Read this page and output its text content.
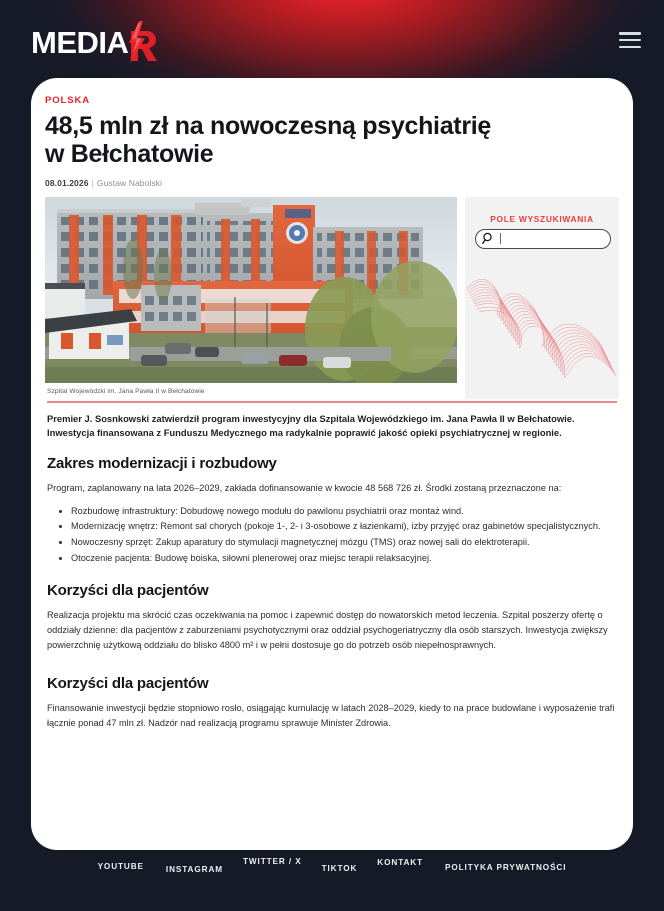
MEDIA
POLSKA
48,5 mln zł na nowoczesną psychiatrię w Bełchatowie
08.01.2026 | Gustaw Nabolski
Szpital Wojewódzki im. Jana Pawła II w Bełchatowie
POLE WYSZUKIWANIA

Premier J. Sosnkowski zatwierdził program inwestycyjny dla Szpitala Wojewódzkiego im. Jana Pawła II w Bełchatowie. Inwestycja finansowana z Funduszu Medycznego ma radykalnie poprawić jakość opieki psychiatrycznej w regionie.

Zakres modernizacji i rozbudowy

Program, zaplanowany na lata 2026–2029, zakłada dofinansowanie w kwocie 48 568 726 zł. Środki zostaną przeznaczone na:

Rozbudowę infrastruktury: Dobudowę nowego modułu do pawilonu psychiatrii oraz montaż wind.
Modernizację wnętrz: Remont sal chorych (pokoje 1-, 2- i 3-osobowe z łazienkami), izby przyjęć oraz gabinetów specjalistycznych.
Nowoczesny sprzęt: Zakup aparatury do stymulacji magnetycznej mózgu (TMS) oraz nowej sali do elektroterapii.
Otoczenie pacjenta: Budowę boiska, siłowni plenerowej oraz miejsc terapii relaksacyjnej.
Korzyści dla pacjentów

Realizacja projektu ma skrócić czas oczekiwania na pomoc i zapewnić dostęp do nowatorskich metod leczenia. Szpital poszerzy ofertę o oddziały dzienne: dla pacjentów z zaburzeniami psychotycznymi oraz oddział psychogeriatryczny dla osób starszych. Inwestycja zwiększy powierzchnię użytkową oddziału do blisko 4800 m² i w pełni dostosuje go do potrzeb osób niepełnosprawnych.

Korzyści dla pacjentów

Finansowanie inwestycji będzie stopniowo rosło, osiągając kumulację w latach 2028–2029, kiedy to na prace budowlane i wyposażenie trafi łącznie ponad 47 mln zł. Nadzór nad realizacją programu sprawuje Minister Zdrowia.

YOUTUBE	INSTAGRAM
TWITTER / X
TIKTOK
KONTAKT
POLITYKA PRYWATNOŚCI
